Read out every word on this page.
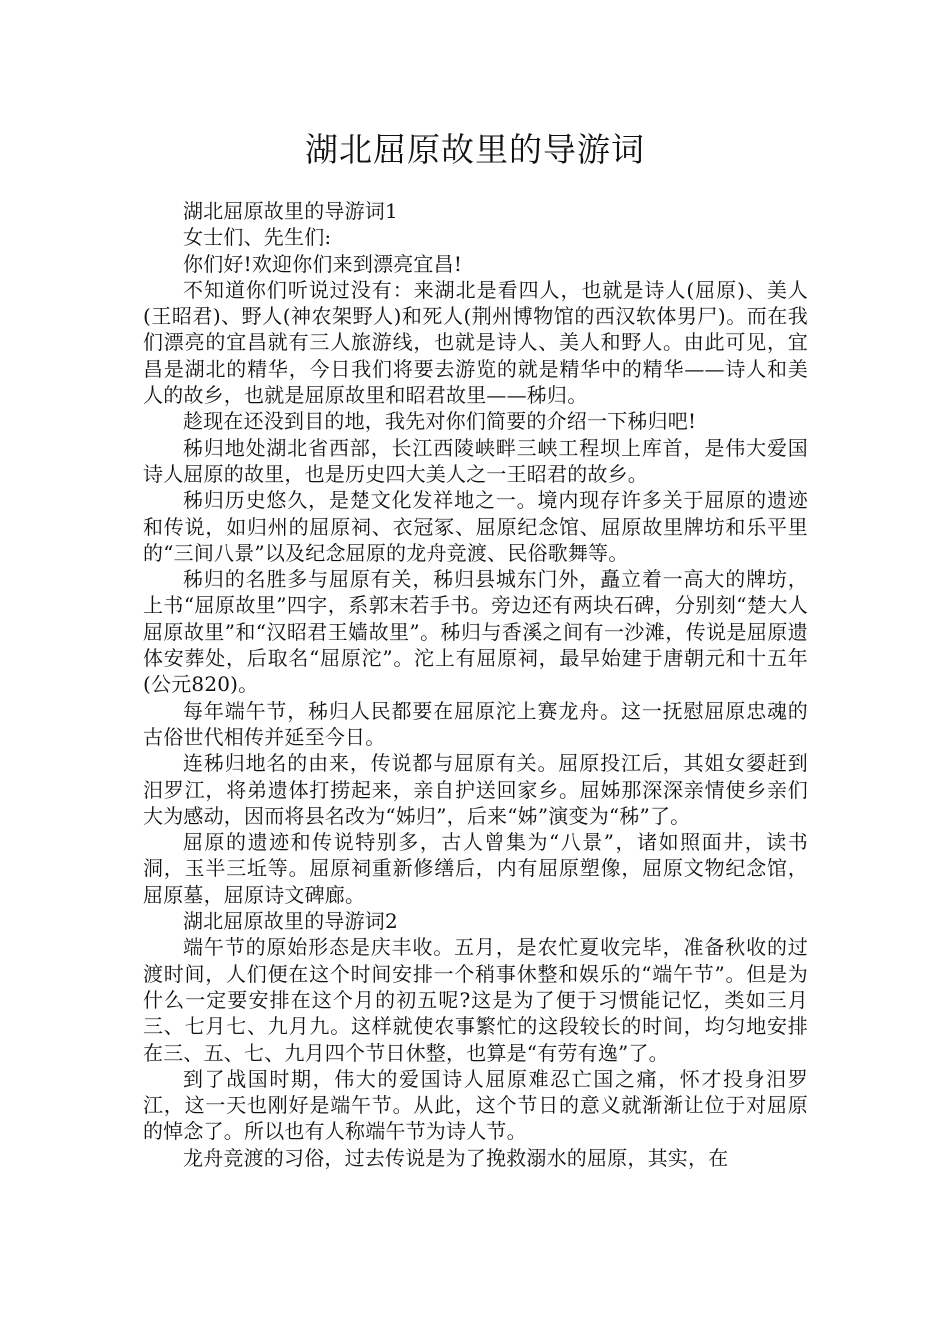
湖北屈原故里的导游词

湖北屈原故里的导游词1

女士们、先生们:

你们好!欢迎你们来到漂亮宜昌!

不知道你们听说过没有：来湖北是看四人，也就是诗人(屈原)、美人(王昭君)、野人(神农架野人)和死人(荆州博物馆的西汉软体男尸)。而在我们漂亮的宜昌就有三人旅游线，也就是诗人、美人和野人。由此可见，宜昌是湖北的精华，今日我们将要去游览的就是精华中的精华——诗人和美人的故乡，也就是屈原故里和昭君故里——秭归。

趁现在还没到目的地，我先对你们简要的介绍一下秭归吧!

秭归地处湖北省西部，长江西陵峡畔三峡工程坝上库首，是伟大爱国诗人屈原的故里，也是历史四大美人之一王昭君的故乡。

秭归历史悠久，是楚文化发祥地之一。境内现存许多关于屈原的遗迹和传说，如归州的屈原祠、衣冠冢、屈原纪念馆、屈原故里牌坊和乐平里的“三间八景”以及纪念屈原的龙舟竞渡、民俗歌舞等。

秭归的名胜多与屈原有关，秭归县城东门外，矗立着一高大的牌坊，上书“屈原故里”四字，系郭末若手书。旁边还有两块石碑，分别刻“楚大人屈原故里”和“汉昭君王嫱故里”。秭归与香溪之间有一沙滩，传说是屈原遗体安葬处，后取名“屈原沱”。沱上有屈原祠，最早始建于唐朝元和十五年(公元820)。

每年端午节，秭归人民都要在屈原沱上赛龙舟。这一抚慰屈原忠魂的古俗世代相传并延至今日。

连秭归地名的由来，传说都与屈原有关。屈原投江后，其姐女媭赶到汨罗江，将弟遗体打捞起来，亲自护送回家乡。屈姊那深深亲情使乡亲们大为感动，因而将县名改为“姊归”，后来“姊”演变为“秭”了。

屈原的遗迹和传说特别多，古人曾集为“八景”，诸如照面井，读书洞，玉半三坵等。屈原祠重新修缮后，内有屈原塑像，屈原文物纪念馆，屈原墓，屈原诗文碑廊。

湖北屈原故里的导游词2

端午节的原始形态是庆丰收。五月，是农忙夏收完毕，准备秋收的过渡时间，人们便在这个时间安排一个稍事休整和娱乐的“端午节”。但是为什么一定要安排在这个月的初五呢?这是为了便于习惯能记忆，类如三月三、七月七、九月九。这样就使农事繁忙的这段较长的时间，均匀地安排在三、五、七、九月四个节日休整，也算是“有劳有逸”了。

到了战国时期，伟大的爱国诗人屈原难忍亡国之痛，怀才投身汨罗江，这一天也刚好是端午节。从此，这个节日的意义就渐渐让位于对屈原的悼念了。所以也有人称端午节为诗人节。

龙舟竞渡的习俗，过去传说是为了挽救溺水的屈原，其实，在
